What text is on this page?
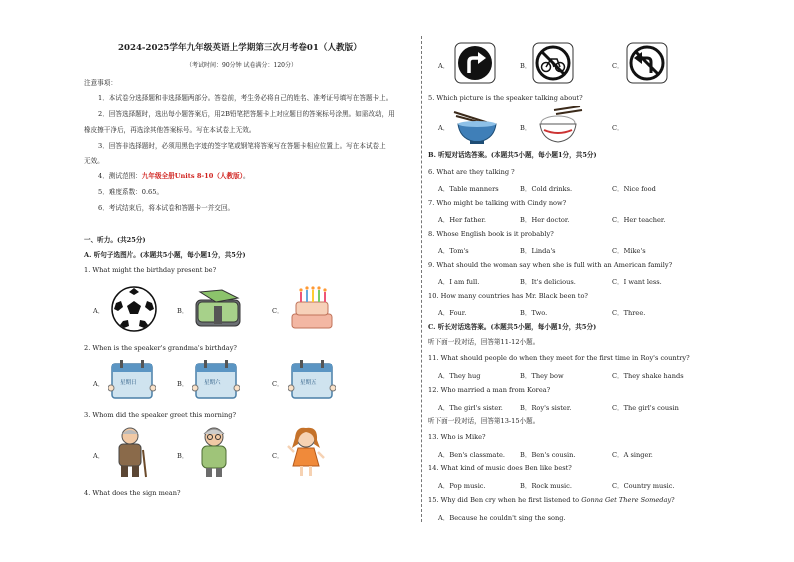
2024-2025学年九年级英语上学期第三次月考卷01（人教版）
（考试时间：90分钟 试卷满分：120分）
注意事项：
1．本试卷分选择题和非选择题两部分。答卷前，考生务必将自己的姓名、准考证号填写在答题卡上。
2．回答选择题时，选出每小题答案后，用2B铅笔把答题卡上对应题目的答案标号涂黑。如需改动，用
橡皮擦干净后，再选涂其他答案标号。写在本试卷上无效。
3．回答非选择题时，必须用黑色字迹的签字笔或钢笔将答案写在答题卡相应位置上。写在本试卷上
无效。
4．测试范围：九年级全册Units 8-10（人教版）。
5．难度系数：0.65。
6．考试结束后，将本试卷和答题卡一并交回。
一、听力。(共25分)
A. 听句子选图片。(本题共5小题，每小题1分，共5分)
1. What might the birthday present be?
A．	B．	C．
2. When is the speaker's grandma's birthday?
A．	星期日	B．	星期六	C．	星期五
3. Whom did the speaker greet this morning?
A．	B．	C．
4. What does the sign mean?
A．	B．	C．
5. Which picture is the speaker talking about?
A．	B．	C．
B. 听短对话选答案。(本题共5小题，每小题1分，共5分)
6. What are they talking ?
A．Table manners	B．Cold drinks.	C．Nice food
7. Who might be talking with Cindy now?
A．Her father.	B．Her doctor.	C．Her teacher.
8. Whose English book is it probably?
A．Tom's	B．Linda's	C．Mike's
9. What should the woman say when she is full with an American family?
A．I am full.	B．It's delicious.	C．I want less.
10. How many countries has Mr. Black been to?
A．Four.	B．Two.	C．Three.
C. 听长对话选答案。(本题共5小题，每小题1分，共5分)
听下面一段对话，回答第11-12小题。
11. What should people do when they meet for the first time in Roy's country?
A．They hug	B．They bow	C．They shake hands
12. Who married a man from Korea?
A．The girl's sister.	B．Roy's sister.	C．The girl's cousin
听下面一段对话，回答第13-15小题。
13. Who is Mike?
A．Ben's classmate. B．Ben's cousin.	C．A singer.
14. What kind of music does Ben like best?
A．Pop music.	B．Rock music.	C．Country music.
15. Why did Ben cry when he first listened to Gonna Get There Someday?
A．Because he couldn't sing the song.
